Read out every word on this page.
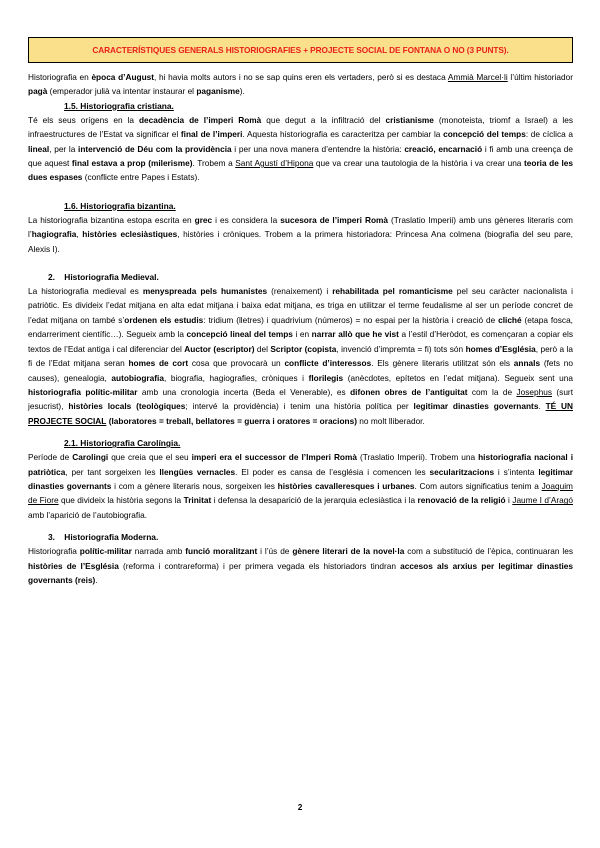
CARACTERÍSTIQUES GENERALS HISTORIOGRAFIES + PROJECTE SOCIAL DE FONTANA O NO (3 PUNTS).

Historiografia en època d’August, hi havia molts autors i no se sap quins eren els vertaders, però si es destaca Ammià Marcel·li l’últim historiador pagà (emperador julià va intentar instaurar el paganisme).

1.5. Historiografia cristiana.

Té els seus orígens en la decadència de l’imperi Romà que degut a la infiltració del cristianisme (monoteista, triomf a Israel) a les infraestructures de l’Estat va significar el final de l’imperi. Aquesta historiografia es caracteritza per cambiar la concepció del temps: de cíclica a lineal, per la intervenció de Déu com la providència i per una nova manera d’entendre la història: creació, encarnació i fi amb una creença de que aquest final estava a prop (milerisme). Trobem a Sant Agustí d’Hipona que va crear una tautologia de la història i va crear una teoria de les dues espases (conflicte entre Papes i Estats).

1.6. Historiografia bizantina.

La historiografia bizantina estopa escrita en grec i es considera la sucesora de l’imperi Romà (Traslatio Imperii) amb uns gèneres literaris com l’hagiografia, històries eclesiàstiques, històries i cròniques. Trobem a la primera historiadora: Princesa Ana colmena (biografia del seu pare, Alexis I).

2.    Historiografia Medieval.

La historiografia medieval es menyspreada pels humanistes (renaixement) i rehabilitada pel romanticisme pel seu caràcter nacionalista i patriòtic. Es divideix l’edat mitjana en alta edat mitjana i baixa edat mitjana, es triga en utilitzar el terme feudalisme al ser un període concret de l’edat mitjana on també s’ordenen els estudis: tridium (lletres) i quadrivium (números) = no espai per la història i creació de cliché (etapa fosca, endarreriment científic…). Segueix amb la concepció lineal del temps i en narrar allò que he vist a l’estil d’Heròdot, es començaran a copiar els textos de l’Edat antiga i cal diferenciar del Auctor (escriptor) del Scriptor (copista, invenció d’impremta = fi) tots són homes d’Església, però a la fi de l’Edat mitjana seran homes de cort cosa que provocarà un conflicte d’interessos. Els gènere literaris utilitzat són els annals (fets no causes), genealogia, autobiografia, biografia, hagiografies, cròniques i florilegis (anècdotes, epítetos en l’edat mitjana). Segueix sent una historiografia polític-militar amb una cronologia incerta (Beda el Venerable), es difonen obres de l’antiguitat com la de Josephus (surt jesucrist), històries locals (teològiques; intervé la providència) i tenim una història política per legitimar dinasties governants. TÉ UN PROJECTE SOCIAL (laboratores = treball, bellatores = guerra i oratores = oracions) no molt lliberador.

2.1. Historiografia Carolíngia.

Període de Carolingi que creia que el seu imperi era el successor de l’Imperi Romà (Traslatio Imperii). Trobem una historiografia nacional i patriòtica, per tant sorgeixen les llengües vernacles. El poder es cansa de l’església i comencen les secularitzacions i s’intenta legitimar dinasties governants i com a gènere literaris nous, sorgeixen les històries cavalleresques i urbanes. Com autors significatius tenim a Joaquim de Fiore que divideix la història segons la Trinitat i defensa la desaparició de la jerarquia eclesiàstica i la renovació de la religió i Jaume I d’Aragó amb l’aparició de l’autobiografia.

3.    Historiografia Moderna.

Historiografia polític-militar narrada amb funció moralitzant i l’ús de gènere literari de la novel·la com a substitució de l’èpica, continuaran les històries de l’Església (reforma i contrareforma) i per primera vegada els historiadors tindran accesos als arxius per legitimar dinasties governants (reis).

2
